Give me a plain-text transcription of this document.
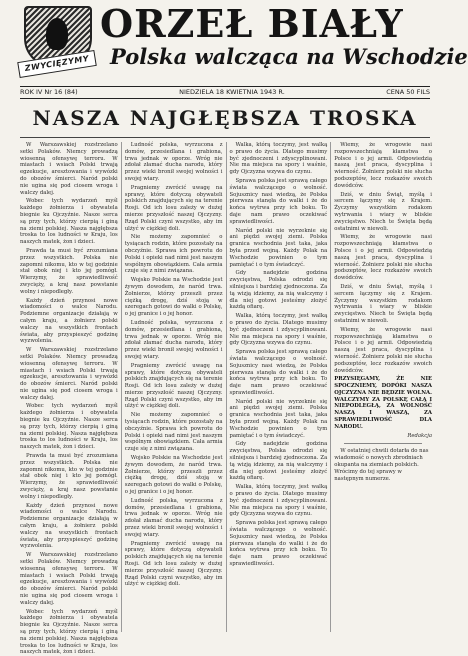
ZWYCIĘZYMY
ORZEŁ BIAŁY
Polska walcząca na Wschodzie
ROK IV Nr 16 (84)	NIEDZIELA 18 KWIETNIA 1943 R.	CENA 50 FILS
NASZA NAJGŁĘBSZA TROSKA

W Warszawskiej rozstrzelano setki Polaków. Niemcy prowadzą wiosenną ofensywę terroru. W miastach i wsiach Polski trwają egzekucje, aresztowania i wywózki do obozów śmierci. Naród polski nie ugina się pod ciosem wroga i walczy dalej.

Wobec tych wydarzeń myśl każdego żołnierza i obywatela biegnie ku Ojczyźnie. Nasze serca są przy tych, którzy cierpią i giną na ziemi polskiej. Nasza najgłębsza troska to los ludności w Kraju, los naszych matek, żon i dzieci.

Prawda ta musi być zrozumiana przez wszystkich. Polska nie zapomni nikomu, kto w tej godzinie stał obok niej i kto jej pomógł. Wierzymy, że sprawiedliwość zwycięży, a kraj nasz powstanie wolny i niepodległy.

Każdy dzień przynosi nowe wiadomości o walce Narodu. Podziemne organizacje działają w całym kraju, a żołnierz polski walczy na wszystkich frontach świata, aby przyspieszyć godzinę wyzwolenia.

W Warszawskiej rozstrzelano setki Polaków. Niemcy prowadzą wiosenną ofensywę terroru. W miastach i wsiach Polski trwają egzekucje, aresztowania i wywózki do obozów śmierci. Naród polski nie ugina się pod ciosem wroga i walczy dalej.

Wobec tych wydarzeń myśl każdego żołnierza i obywatela biegnie ku Ojczyźnie. Nasze serca są przy tych, którzy cierpią i giną na ziemi polskiej. Nasza najgłębsza troska to los ludności w Kraju, los naszych matek, żon i dzieci.

Prawda ta musi być zrozumiana przez wszystkich. Polska nie zapomni nikomu, kto w tej godzinie stał obok niej i kto jej pomógł. Wierzymy, że sprawiedliwość zwycięży, a kraj nasz powstanie wolny i niepodległy.

Każdy dzień przynosi nowe wiadomości o walce Narodu. Podziemne organizacje działają w całym kraju, a żołnierz polski walczy na wszystkich frontach świata, aby przyspieszyć godzinę wyzwolenia.

W Warszawskiej rozstrzelano setki Polaków. Niemcy prowadzą wiosenną ofensywę terroru. W miastach i wsiach Polski trwają egzekucje, aresztowania i wywózki do obozów śmierci. Naród polski nie ugina się pod ciosem wroga i walczy dalej.

Wobec tych wydarzeń myśl każdego żołnierza i obywatela biegnie ku Ojczyźnie. Nasze serca są przy tych, którzy cierpią i giną na ziemi polskiej. Nasza najgłębsza troska to los ludności w Kraju, los naszych matek, żon i dzieci.

Ludność polska, wyrzucona z domów, przesiedlana i grabiona, trwa jednak w oporze. Wróg nie zdołał złamać ducha narodu, który przez wieki bronił swojej wolności i swojej wiary.

Pragniemy zwrócić uwagę na sprawy, które dotyczą obywateli polskich znajdujących się na terenie Rosji. Od ich losu zależy w dużej mierze przyszłość naszej Ojczyzny. Rząd Polski czyni wszystko, aby im ulżyć w ciężkiej doli.

Nie możemy zapomnieć o tysiącach rodzin, które pozostały na obczyźnie. Sprawa ich powrotu do Polski i opieki nad nimi jest naszym wspólnym obowiązkiem. Cała armia czuje się z nimi związana.

Wojsko Polskie na Wschodzie jest żywym dowodem, że naród trwa. Żołnierze, którzy przeszli przez ciężką drogę, dziś stoją w szeregach gotowi do walki o Polskę, o jej granice i o jej honor.

Ludność polska, wyrzucona z domów, przesiedlana i grabiona, trwa jednak w oporze. Wróg nie zdołał złamać ducha narodu, który przez wieki bronił swojej wolności i swojej wiary.

Pragniemy zwrócić uwagę na sprawy, które dotyczą obywateli polskich znajdujących się na terenie Rosji. Od ich losu zależy w dużej mierze przyszłość naszej Ojczyzny. Rząd Polski czyni wszystko, aby im ulżyć w ciężkiej doli.

Nie możemy zapomnieć o tysiącach rodzin, które pozostały na obczyźnie. Sprawa ich powrotu do Polski i opieki nad nimi jest naszym wspólnym obowiązkiem. Cała armia czuje się z nimi związana.

Wojsko Polskie na Wschodzie jest żywym dowodem, że naród trwa. Żołnierze, którzy przeszli przez ciężką drogę, dziś stoją w szeregach gotowi do walki o Polskę, o jej granice i o jej honor.

Ludność polska, wyrzucona z domów, przesiedlana i grabiona, trwa jednak w oporze. Wróg nie zdołał złamać ducha narodu, który przez wieki bronił swojej wolności i swojej wiary.

Pragniemy zwrócić uwagę na sprawy, które dotyczą obywateli polskich znajdujących się na terenie Rosji. Od ich losu zależy w dużej mierze przyszłość naszej Ojczyzny. Rząd Polski czyni wszystko, aby im ulżyć w ciężkiej doli.

Walka, którą toczymy, jest walką o prawo do życia. Dlatego musimy być zjednoczeni i zdyscyplinowani. Nie ma miejsca na spory i waśnie, gdy Ojczyzna wzywa do czynu.

Sprawa polska jest sprawą całego świata walczącego o wolność. Sojusznicy nasi wiedzą, że Polska pierwsza stanęła do walki i że do końca wytrwa przy ich boku. To daje nam prawo oczekiwać sprawiedliwości.

Naród polski nie wyrzeknie się ani piędzi swojej ziemi. Polska granica wschodnia jest taka, jaka była przed wojną. Każdy Polak na Wschodzie powinien o tym pamiętać i o tym świadczyć.

Gdy nadejdzie godzina zwycięstwa, Polska odrodzi się silniejsza i bardziej zjednoczona. Za tą wizją idziemy, za nią walczymy i dla niej gotowi jesteśmy złożyć każdą ofiarę.

Walka, którą toczymy, jest walką o prawo do życia. Dlatego musimy być zjednoczeni i zdyscyplinowani. Nie ma miejsca na spory i waśnie, gdy Ojczyzna wzywa do czynu.

Sprawa polska jest sprawą całego świata walczącego o wolność. Sojusznicy nasi wiedzą, że Polska pierwsza stanęła do walki i że do końca wytrwa przy ich boku. To daje nam prawo oczekiwać sprawiedliwości.

Naród polski nie wyrzeknie się ani piędzi swojej ziemi. Polska granica wschodnia jest taka, jaka była przed wojną. Każdy Polak na Wschodzie powinien o tym pamiętać i o tym świadczyć.

Gdy nadejdzie godzina zwycięstwa, Polska odrodzi się silniejsza i bardziej zjednoczona. Za tą wizją idziemy, za nią walczymy i dla niej gotowi jesteśmy złożyć każdą ofiarę.

Walka, którą toczymy, jest walką o prawo do życia. Dlatego musimy być zjednoczeni i zdyscyplinowani. Nie ma miejsca na spory i waśnie, gdy Ojczyzna wzywa do czynu.

Sprawa polska jest sprawą całego świata walczącego o wolność. Sojusznicy nasi wiedzą, że Polska pierwsza stanęła do walki i że do końca wytrwa przy ich boku. To daje nam prawo oczekiwać sprawiedliwości.

Wiemy, że wrogowie nasi rozpowszechniają kłamstwa o Polsce i o jej armii. Odpowiedzią naszą jest praca, dyscyplina i wierność. Żołnierz polski nie słucha podszeptów, lecz rozkazów swoich dowódców.

Dziś, w dniu Świąt, myślą i sercem łączymy się z Krajem. Życzymy wszystkim rodakom wytrwania i wiary w bliskie zwycięstwo. Niech te Święta będą ostatnimi w niewoli.

Wiemy, że wrogowie nasi rozpowszechniają kłamstwa o Polsce i o jej armii. Odpowiedzią naszą jest praca, dyscyplina i wierność. Żołnierz polski nie słucha podszeptów, lecz rozkazów swoich dowódców.

Dziś, w dniu Świąt, myślą i sercem łączymy się z Krajem. Życzymy wszystkim rodakom wytrwania i wiary w bliskie zwycięstwo. Niech te Święta będą ostatnimi w niewoli.

Wiemy, że wrogowie nasi rozpowszechniają kłamstwa o Polsce i o jej armii. Odpowiedzią naszą jest praca, dyscyplina i wierność. Żołnierz polski nie słucha podszeptów, lecz rozkazów swoich dowódców.

PRZYSIĘGAMY, ŻE NIE SPOCZNIEMY, DOPÓKI NASZA OJCZYZNA NIE BĘDZIE WOLNA. WALCZYMY ZA POLSKĘ CAŁĄ I NIEPODLEGŁĄ, ZA WOLNOŚĆ NASZĄ I WASZĄ, ZA SPRAWIEDLIWOŚĆ DLA NARODU.

Redakcja

W ostatniej chwili dotarła do nas wiadomość o nowych zbrodniach okupanta na ziemiach polskich. Wrócimy do tej sprawy w następnym numerze.
